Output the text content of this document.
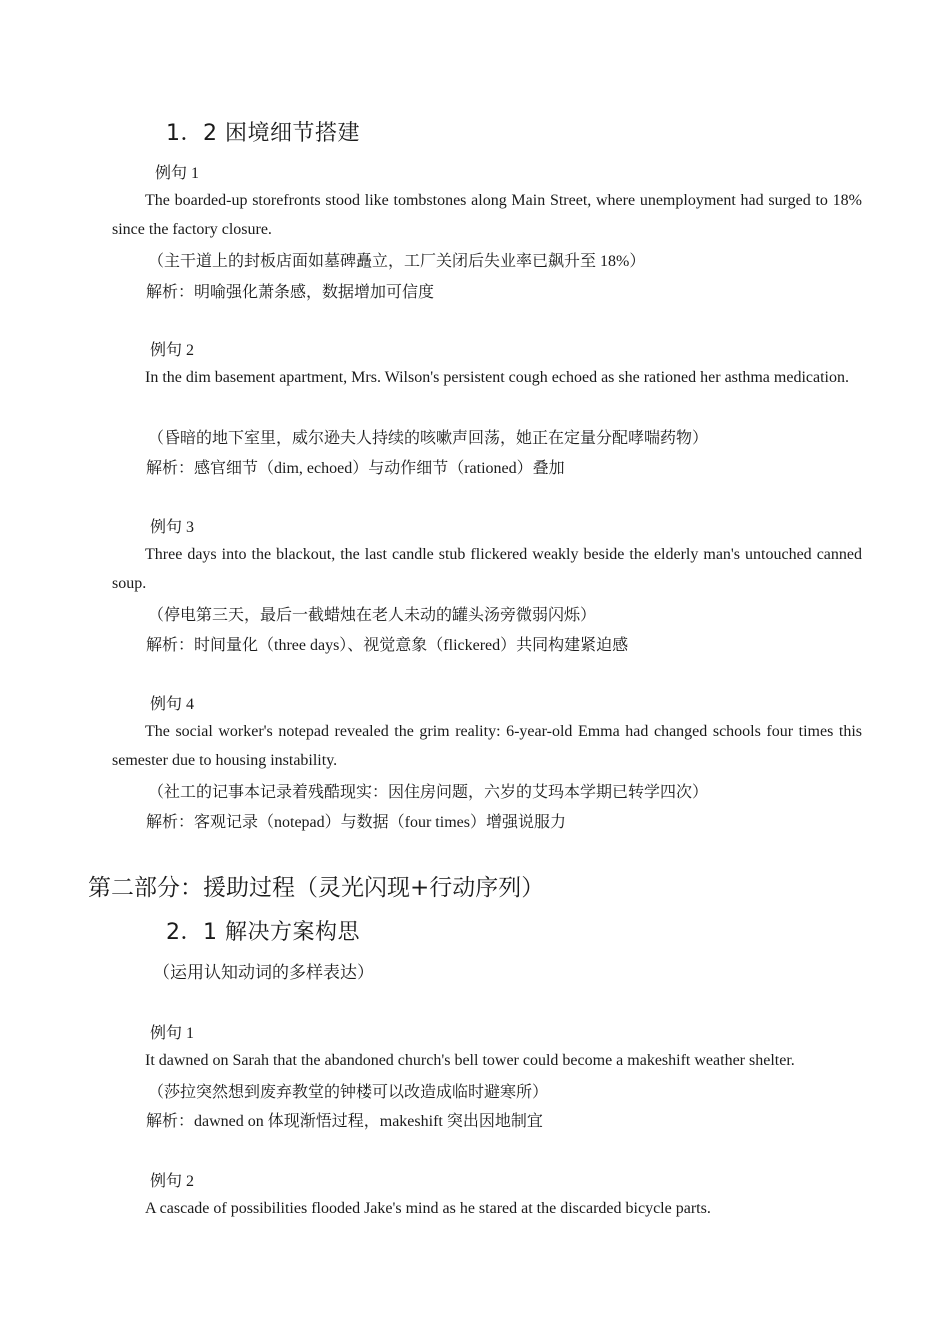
1．2 困境细节搭建
例句 1
The boarded-up storefronts stood like tombstones along Main Street, where unemployment had surged to 18% since the factory closure.
（主干道上的封板店面如墓碑矗立，工厂关闭后失业率已飙升至 18%）
解析：明喻强化萧条感，数据增加可信度
例句 2
In the dim basement apartment, Mrs. Wilson's persistent cough echoed as she rationed her asthma medication.
（昏暗的地下室里，威尔逊夫人持续的咳嗽声回荡，她正在定量分配哮喘药物）
解析：感官细节（dim, echoed）与动作细节（rationed）叠加
例句 3
Three days into the blackout, the last candle stub flickered weakly beside the elderly man's untouched canned soup.
（停电第三天，最后一截蜡烛在老人未动的罐头汤旁微弱闪烁）
解析：时间量化（three days）、视觉意象（flickered）共同构建紧迫感
例句 4
The social worker's notepad revealed the grim reality: 6-year-old Emma had changed schools four times this semester due to housing instability.
（社工的记事本记录着残酷现实：因住房问题，六岁的艾玛本学期已转学四次）
解析：客观记录（notepad）与数据（four times）增强说服力
第二部分：援助过程（灵光闪现+行动序列）
2．1 解决方案构思
（运用认知动词的多样表达）
例句 1
It dawned on Sarah that the abandoned church's bell tower could become a makeshift weather shelter.
（莎拉突然想到废弃教堂的钟楼可以改造成临时避寒所）
解析：dawned on 体现渐悟过程，makeshift 突出因地制宜
例句 2
A cascade of possibilities flooded Jake's mind as he stared at the discarded bicycle parts.
